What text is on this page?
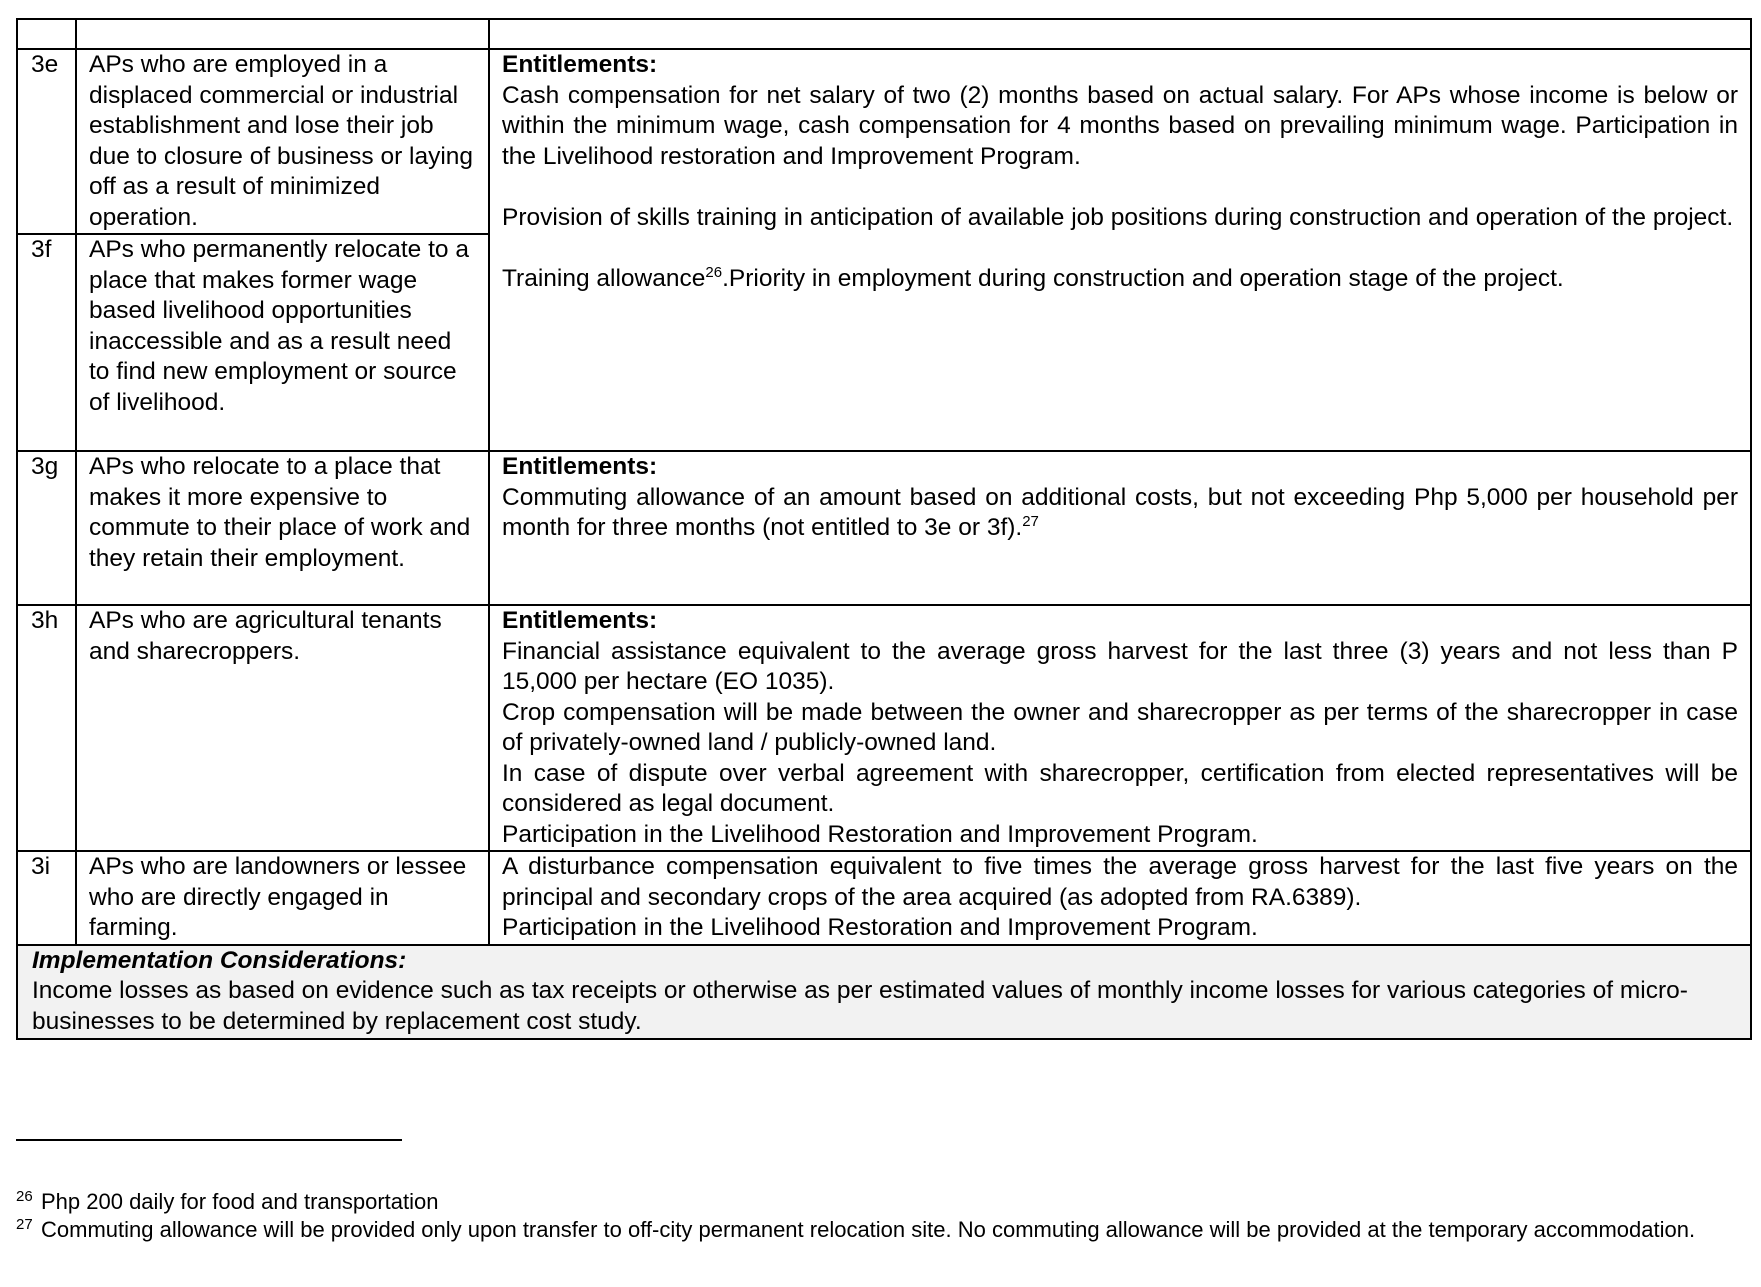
3e	APs who are employed in a displaced commercial or industrial establishment and lose their job due to closure of business or laying off as a result of minimized operation.	Entitlements:

Cash compensation for net salary of two (2) months based on actual salary. For APs whose income is below or within the minimum wage, cash compensation for 4 months based on prevailing minimum wage. Participation in the Livelihood restoration and Improvement Program.

Provision of skills training in anticipation of available job positions during construction and operation of the project.

Training allowance$^{26}$.Priority in employment during construction and operation stage of the project.

3f	APs who permanently relocate to a place that makes former wage based livelihood opportunities inaccessible and as a result need to find new employment or source of livelihood.	
3g	APs who relocate to a place that makes it more expensive to commute to their place of work and they retain their employment.	Entitlements:

Commuting allowance of an amount based on additional costs, but not exceeding Php 5,000 per household per month for three months (not entitled to 3e or 3f).$^{27}$

3h	APs who are agricultural tenants and sharecroppers.	Entitlements:

Financial assistance equivalent to the average gross harvest for the last three (3) years and not less than P 15,000 per hectare (EO 1035).

Crop compensation will be made between the owner and sharecropper as per terms of the sharecropper in case of privately-owned land / publicly-owned land.

In case of dispute over verbal agreement with sharecropper, certification from elected representatives will be considered as legal document.

Participation in the Livelihood Restoration and Improvement Program.

3i	APs who are landowners or lessee who are directly engaged in farming.	A disturbance compensation equivalent to five times the average gross harvest for the last five years on the principal and secondary crops of the area acquired (as adopted from RA.6389).

Participation in the Livelihood Restoration and Improvement Program.

Implementation Considerations:
Income losses as based on evidence such as tax receipts or otherwise as per estimated values of monthly income losses for various categories of micro-businesses to be determined by replacement cost study.		
26 Php 200 daily for food and transportation
27 Commuting allowance will be provided only upon transfer to off-city permanent relocation site. No commuting allowance will be provided at the temporary accommodation.
